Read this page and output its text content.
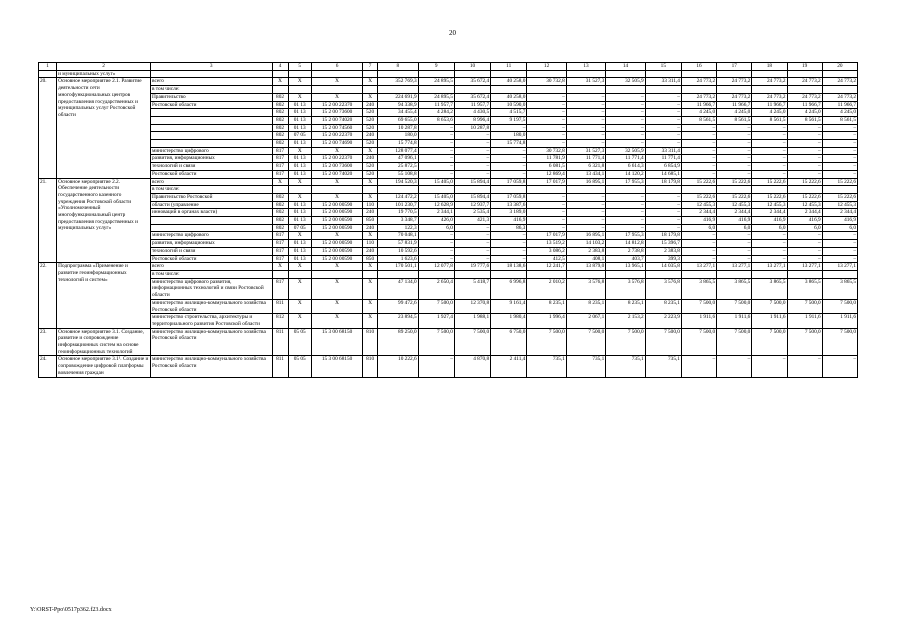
20
1	2	3	4	5	6	7	8	9	10	11	12	13	14	15	16	17	18	19	20
	и муниципальных услуг»																		
20.	Основное мероприятие 2.1. Развитие деятельности сети многофункциональных центров предоставления государственных и муниципальных услуг Ростовской области	всего	X	X	X	X	352 769,3	24 895,5	35 672,4	40 258,0	30 732,8	31 527,3	32 505,9	33 311,4	24 773,2	24 773,2	24 773,2	24 773,2	24 773,2
		в том числе:																	
		Правительство	802	X	X	X	224 691,9	24 895,5	35 672,4	40 258,0	–	–	–	–	24 773,2	24 773,2	24 773,2	24 773,2	24 773,2
		Ростовской области	802	01 13	15 2 00 22370	240	94 338,9	11 957,7	11 957,7	10 590,0	–	–	–	–	11 966,7	11 966,7	11 966,7	11 966,7	11 966,7
			802	01 13	15 2 00 73600	520	34 455,4	4 284,2	4 430,5	4 515,7	–	–	–	–	4 245,0	4 245,0	4 245,0	4 245,0	4 245,0
			802	01 13	15 2 00 74020	520	69 655,0	8 653,6	8 996,4	9 197,5	–	–	–	–	8 561,5	8 561,5	8 561,5	8 561,5	8 561,5
			802	01 13	15 2 00 74560	520	10 287,8	–	10 287,8	–	–	–	–	–	–	–	–	–	–
			802	07 05	15 2 00 22370	240	180,0	–	–	180,0	–	–	–	–	–	–	–	–	–
			802	01 13	15 2 00 74690	520	15 774,8	–	–	15 774,8	–	–	–	–	–	–	–	–	–
		министерство цифрового	817	X	X	X	128 077,4	–	–	–	30 732,8	31 527,3	32 505,9	33 311,4	–	–	–	–	–
		развития, информационных	817	01 13	15 2 00 22370	240	47 096,1	–	–	–	11 781,9	11 771,4	11 771,4	11 771,4	–	–	–	–	–
		технологий и связи	817	01 13	15 2 00 73600	520	25 872,5	–	–	–	6 081,5	6 321,8	6 614,3	6 854,9	–	–	–	–	–
		Ростовской области	817	01 13	15 2 00 74020	520	55 108,8	–	–	–	12 869,4	13 434,1	14 120,2	14 685,1	–	–	–	–	–
21.	Основное мероприятие 2.2. Обеспечение деятельности государственного казенного учреждения Ростовской области «Уполномоченный многофункциональный центр предоставления государственных и муниципальных услуг»	всего	X	X	X	X	194 520,3	15 405,0	15 894,4	17 059,8	17 017,9	16 895,1	17 955,3	18 179,8	15 222,6	15 222,6	15 222,6	15 222,6	15 222,6
		в том числе:																	
		Правительство Ростовской	802	X	X	X	124 472,2	15 405,0	15 894,4	17 059,8	–	–	–	–	15 222,6	15 222,6	15 222,6	15 222,6	15 222,6
		области (управление	802	01 13	15 2 00 00590	110	101 230,7	12 628,9	12 937,7	13 387,6	–	–	–	–	12 455,3	12 455,3	12 455,3	12 455,3	12 455,3
		инноваций в органах власти)	802	01 13	15 2 00 00590	240	19 770,5	2 344,1	2 535,4	3 189,0	–	–	–	–	2 344,4	2 344,4	2 344,4	2 344,4	2 344,4
			802	01 13	15 2 00 00590	850	3 348,7	426,0	421,3	416,9	–	–	–	–	416,9	416,9	416,9	416,9	416,9
			802	07 05	15 2 00 00590	240	122,3	6,0	–	86,3	–	–	–	–	6,0	6,0	6,0	6,0	6,0
		министерство цифрового	817	X	X	X	70 048,1	–	–	–	17 017,9	16 895,1	17 955,3	18 179,8	–	–	–	–	–
		развития, информационных	817	01 13	15 2 00 00590	110	57 831,9	–	–	–	13 519,2	14 103,2	14 812,8	15 396,7	–	–	–	–	–
		технологий и связи	817	01 13	15 2 00 00590	240	10 592,6	–	–	–	3 086,2	2 383,8	2 738,8	2 383,8	–	–	–	–	–
		Ростовской области	817	01 13	15 2 00 00590	850	1 623,6	–	–	–	412,5	408,1	403,7	399,3	–	–	–	–	–
22.	Подпрограмма «Применение и развитие геоинформационных технологий и систем»	всего	X	X	X	X	170 501,1	12 077,8	19 777,6	18 138,6	12 241,7	13 879,0	13 965,1	14 035,8	13 277,1	13 277,1	13 277,1	13 277,1	13 277,1
		в том числе:																	
		министерство цифрового развития, информационных технологий и связи Ростовской области	817	X	X	X	47 134,0	2 650,4	5 418,7	6 996,8	2 010,2	3 576,8	3 576,8	3 576,8	3 865,5	3 865,5	3 865,5	3 865,5	3 865,5
		министерство жилищно-коммунального хозяйства Ростовской области	811	X	X	X	99 472,6	7 500,0	12 370,8	9 161,4	8 235,1	8 235,1	8 235,1	8 235,1	7 500,0	7 500,0	7 500,0	7 500,0	7 500,0
		министерство строительства, архитектуры и территориального развития Ростовской области	812	X	X	X	23 894,5	1 927,4	1 988,1	1 980,4	1 996,4	2 067,1	2 153,2	2 223,9	1 911,6	1 911,6	1 911,6	1 911,6	1 911,6
23.	Основное мероприятие 3.1. Создание, развитие и сопровождение информационных систем на основе геоинформационных технологий	министерство жилищно-коммунального хозяйства Ростовской области	811	05 05	15 3 00 68150	810	89 250,0	7 500,0	7 500,0	6 750,0	7 500,0	7 500,0	7 500,0	7 500,0	7 500,0	7 500,0	7 500,0	7 500,0	7 500,0
24.	Основное мероприятие 3.1¹. Создание и сопровождение цифровой платформы вовлечения граждан	министерство жилищно-коммунального хозяйства Ростовской области	811	05 05	15 3 00 68150	810	10 222,6	–	4 870,8	2 411,4	735,1	735,1	735,1	735,1	–	–	–	–	–
Y:\ORST-Ppo\0517p362.f23.docx
